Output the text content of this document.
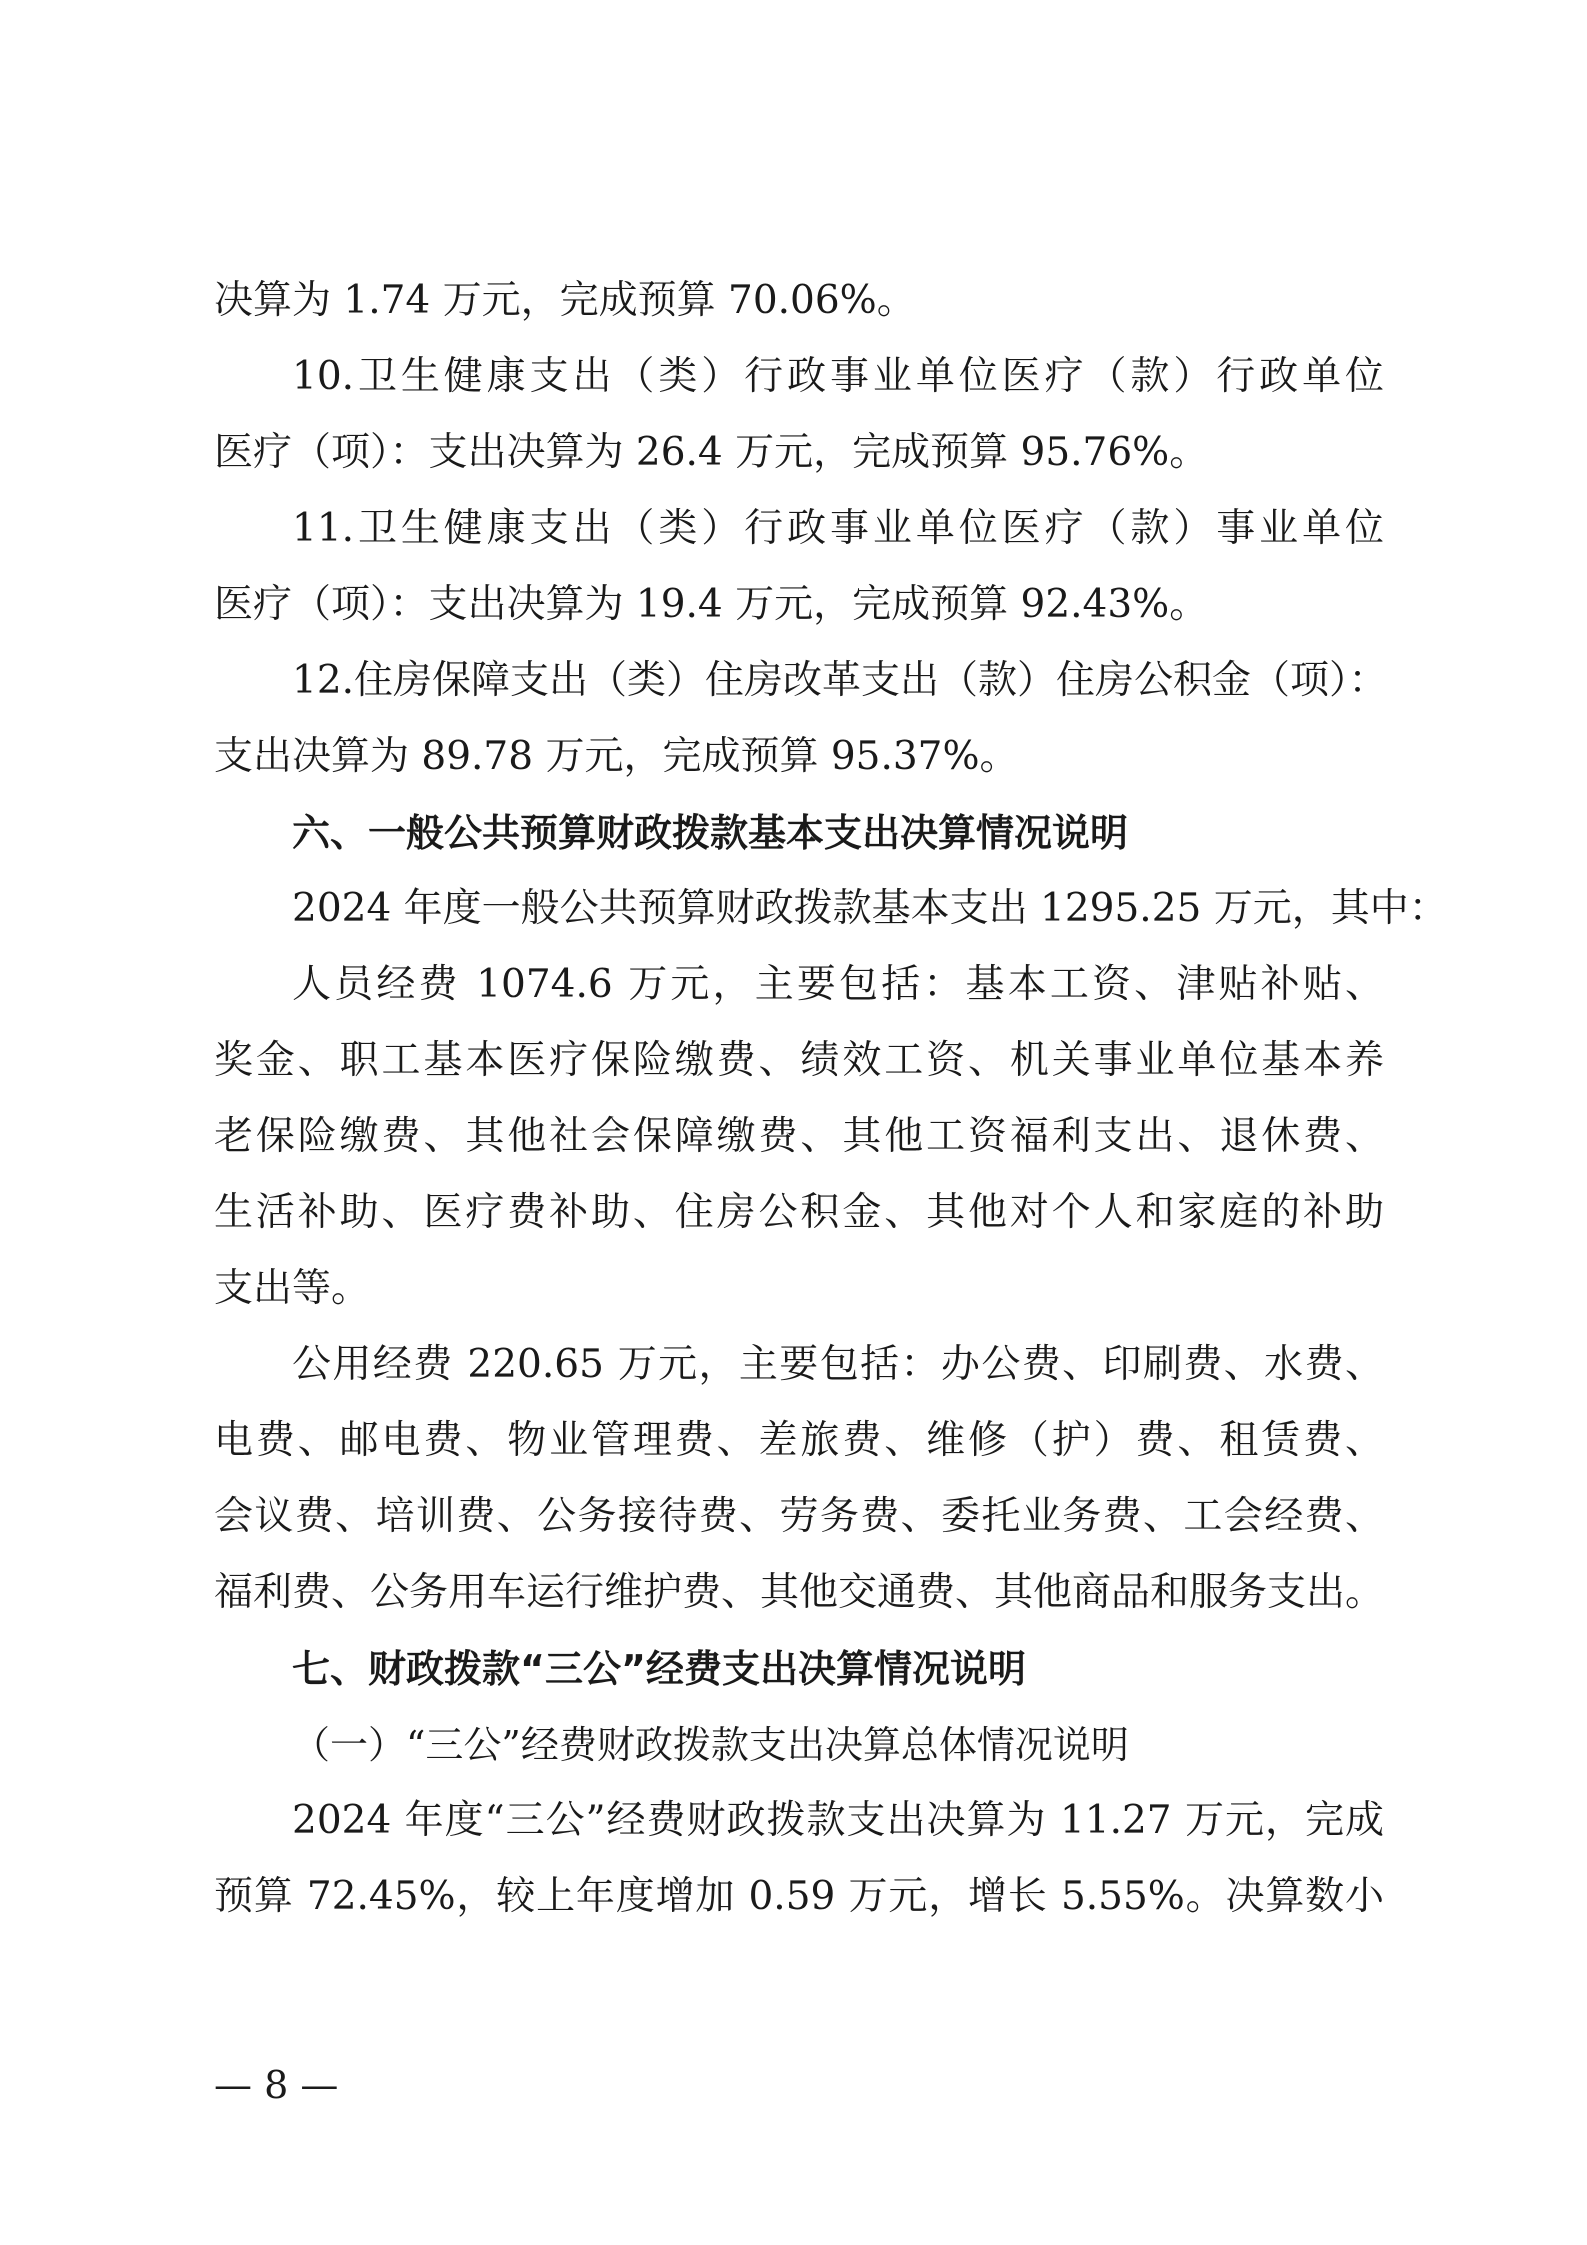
决算为 1.74 万元，完成预算 70.06%。
10.卫生健康支出（类）行政事业单位医疗（款）行政单位
医疗（项）：支出决算为 26.4 万元，完成预算 95.76%。
11.卫生健康支出（类）行政事业单位医疗（款）事业单位
医疗（项）：支出决算为 19.4 万元，完成预算 92.43%。
12.住房保障支出（类）住房改革支出（款）住房公积金（项）：
支出决算为 89.78 万元，完成预算 95.37%。
六、一般公共预算财政拨款基本支出决算情况说明
2024 年度一般公共预算财政拨款基本支出 1295.25 万元，其中：
人员经费 1074.6 万元，主要包括：基本工资、津贴补贴、
奖金、职工基本医疗保险缴费、绩效工资、机关事业单位基本养
老保险缴费、其他社会保障缴费、其他工资福利支出、退休费、
生活补助、医疗费补助、住房公积金、其他对个人和家庭的补助
支出等。
公用经费 220.65 万元，主要包括：办公费、印刷费、水费、
电费、邮电费、物业管理费、差旅费、维修（护）费、租赁费、
会议费、培训费、公务接待费、劳务费、委托业务费、工会经费、
福利费、公务用车运行维护费、其他交通费、其他商品和服务支出。
七、财政拨款“三公”经费支出决算情况说明
（一）“三公”经费财政拨款支出决算总体情况说明
2024 年度“三公”经费财政拨款支出决算为 11.27 万元，完成
预算 72.45%，较上年度增加 0.59 万元，增长 5.55%。决算数小
— 8 —
